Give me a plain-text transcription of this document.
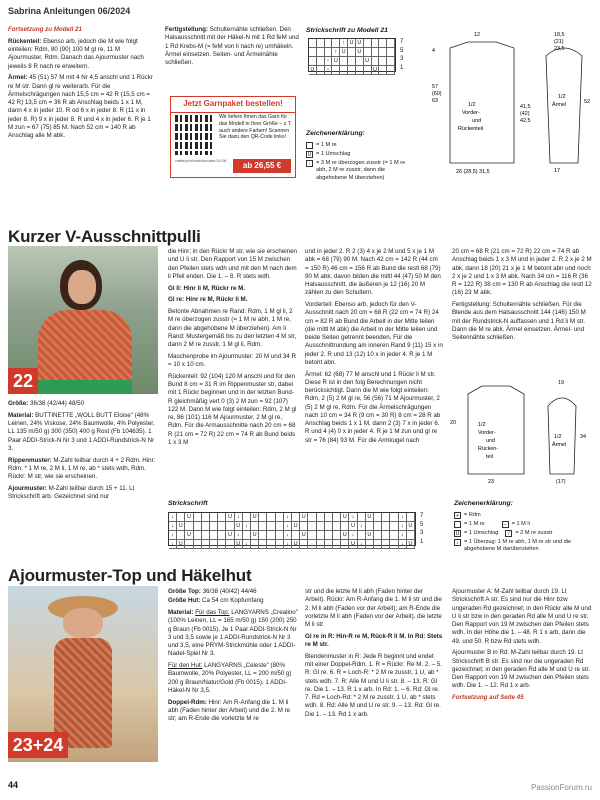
Sabrina Anleitungen 06/2024

Fortsetzung zu Modell 21

Rückenteil: Ebenso arb, jedoch die M wie folgt einteilen: Rdm, 80 (90) 100 M gl re, 11 M Ajourmuster, Rdm. Danach das Ajourmuster nach jeweils 8 R nach re erweitern.

Ärmel: 45 (51) 57 M mit 4 Nr 4,5 anschl und 1 Rückr re M str. Dann gl re weiterarb. Für die Ärmelschrägungen nach 15,5 cm = 42 R (15,5 cm = 42 R) 13,5 cm = 36 R ab Anschlag beids 1 x 1 M, dann 4 x in jeder 10. R od 6 x in jeder 8. R (11 x in jeder 8. R) 9 x in jeder 8. R und 4 x in jeder 6. R je 1 M zun = 67 (75) 85 M. Nach 52 cm = 140 R ab Anschlag alle M abk.

Fertigstellung: Schulternähte schließen. Den Halsausschnitt mit der Häkel-N mit 1 Rd feM und 1 Rd Krebs-M (= feM von li nach re) umhäkeln. Ärmel einsetzen. Seiten- und Ärmelnähte schließen.

Jetzt Garnpaket bestellen!
Wir liefern Ihnen das Garn für das Modell in Ihrer Größe – z.T. auch andere Farben! Scannen Sie dazu den QR-Code links!
craftery.link/strickmuster/24-06	ab 26,55 €
Strickschrift zu Modell 21
↑ U U
↑ U	U
↑ U	U
U	↑	U
7
5
3
1
Zeichenerklärung:
= 1 M re
U = 1 Umschlag
↑ = 3 M re überzogen zusstr (= 1 M re abh, 2 M re zusstr, dann die abgehobene M überziehen)
12
4
1/2
Vorder-
und
Rückenteil
57
(60)
63
41,5
(42)
42,5
26 (28,5) 31,5
1/2
Ärmel	52
18,5
(21)
23,5
17
Kurzer V-Ausschnittpulli
22

Größe: 36/38 (42/44) 48/50

Material: BUTTINETTE „WOLL BUTT Eloise" (48% Leinen, 24% Viskose, 24% Baumwolle, 4% Polyester, LL 135 m/50 g) 300 (350) 400 g Rost (Fb 104635). 1 Paar ADDI-Strick-N Nr 3 und 1 ADDI-Rundstrick-N Nr 3.

Rippenmuster: M-Zahl teilbar durch 4 + 2 Rdm. Hinr: Rdm, * 1 M re, 2 M li, 1 M re, ab * stets wdh, Rdm. Rückr: M str, wie sie erscheinen.

Ajourmuster: M-Zahl teilbar durch 15 + 11. Lt Strickschrift arb. Gezeichnet sind nur

die Hinr; in den Rückr M str, wie sie erscheinen und U li str. Den Rapport von 15 M zwischen den Pfeilen stets wdh und mit den M nach dem li Pfeil enden. Die 1. – 8. R stets wdh.

Gl li: Hinr li M, Rückr re M.

Gl re: Hinr re M, Rückr li M.

Betonte Abnahmen re Rand: Rdm, 1 M gl li, 2 M re überzogen zusstr (= 1 M re abh, 1 M re, dann die abgehobene M überziehen). Am li Rand: Mustergemäß bis zu den letzten 4 M str, dann 2 M re zusstr, 1 M gl li, Rdm.

Maschenprobe im Ajourmuster: 20 M und 34 R = 10 x 10 cm.

Rückenteil: 92 (104) 120 M anschl und für den Bund 8 cm = 31 R im Rippenmuster str, dabei mit 1 Rückr beginnen und in der letzten Bund-R gleichmäßig vert 0 (3) 2 M zun = 92 (107) 122 M. Dann M wie folgt einteilen: Rdm, 2 M gl re, 86 (101) 116 M Ajourmuster, 2 M gl re, Rdm. Für die Armausschnitte nach 20 cm = 68 R (21 cm = 72 R) 22 cm = 74 R ab Bund beids 1 x 3 M

und in jeder 2. R 2 (3) 4 x je 2 M und 5 x je 1 M abk = 68 (79) 90 M. Nach 42 cm = 142 R (44 cm = 150 R) 46 cm = 156 R ab Bund die restl 68 (79) 90 M abk, davon bilden die mittl 44 (47) 50 M den Halsausschnitt, die äußeren je 12 (16) 20 M zählen zu den Schultern.

Vorderteil: Ebenso arb, jedoch für den V-Ausschnitt nach 20 cm = 68 R (22 cm = 74 R) 24 cm = 82 R ab Bund die Arbeit in der Mitte teilen (die mittl M abk) die Arbeit in der Mitte teilen und beide Seiten getrennt beenden. Für die Ausschnittrundung am inneren Rand 9 (11) 15 x in jeder 2. R und 13 (12) 10 x in jeder 4. R je 1 M betont abn.

Ärmel: 62 (68) 77 M anschl und 1 Rückr li M str. Diese R ist in den folg Berechnungen nicht berücksichtigt. Dann die M wie folgt einteilen: Rdm, 2 (5) 2 M gl re, 56 (56) 71 M Ajourmuster, 2 (5) 2 M gl re, Rdm. Für die Ärmelschrägungen nach 10 cm = 34 R (9 cm = 30 R) 8 cm = 28 R ab Anschlag beids 1 x 1 M, dann 2 (3) 7 x in jeder 6. R und 4 (4) 0 x in jeder 4. R je 1 M zun und gl re str = 76 (84) 93 M. Für die Armkugel nach

20 cm = 68 R (21 cm = 72 R) 22 cm = 74 R ab Anschlag beids 1 x 3 M und in jeder 2. R 2 x je 2 M abk, dann 18 (20) 21 x je 1 M betont abn und noch 2 x je 2 und 1 x 3 M abk. Nach 34 cm = 116 R (36 R = 122 R) 38 cm = 130 R ab Anschlag die restl 12 (16) 23 M abk.

Fertigstellung: Schulternähte schließen. Für die Blende aus dem Halsausschnitt 144 (146) 150 M mit der Rundstrick-N auffassen und 1 Rd li M str. Dann die M re abk. Ärmel einsetzen. Ärmel- und Seitennähte schließen.

Strickschrift
↓	U	U ↓	U	↓	U	U ↓	U	↓
↓ U	U ↓	↓ U	U ↓	↓ U
↓	U	U ↓	U	↓	U	U ↓	U	↓
↓ U	U ↓	↓ U	U ↓	↓ U
7
5
3
1
1/2
Vorder-
und
Rücken-
teil
23
1/2
Ärmel
34
19
20
(17)
Zeichenerklärung:
+ = Rdm
= 1 M re	– = 1 M li
U = 1 Umschlag	/	= 2 M re zusstr
↓ = 1 Überzug: 1 M re abh, 1 M re str und die abgehobene M darüberziehen
Ajourmuster-Top und Häkelhut
23+24

Größe Top: 36/38 (40/42) 44/46

Größe Hut: Ca 54 cm Kopfumfang

Material: Für das Top: LANGYARNS „Crealino" (100% Leinen, LL = 165 m/50 g) 150 (200) 250 g Braun (Fb 0015). Je 1 Paar ADDI-Strick-N Nr 3 und 3,5 sowie je 1 ADDI-Rundstrick-N Nr 3 und 3,5, eine PRYM-Strickmühle oder 1 ADDI-Nadel-Spiel Nr 3.

Für den Hut: LANGYARNS „Celeste" (80% Baumwolle, 20% Polyester, LL = 200 m/50 g) 200 g Braun/Natur/Gold (Fb 0015). 1 ADDI-Häkel-N Nr 3,5.

Doppel-Rdm: Hinr: Am R-Anfang die 1. M li abh (Faden hinter der Arbeit) und die 2. M re str; am R-Ende die vorletzte M re

str und die letzte M li abh (Faden hinter der Arbeit). Rückr: Am R-Anfang die 1. M li str und die 2. M li abh (Faden vor der Arbeit); am R-Ende die vorletzte M li abh (Faden vor der Arbeit), die letzte M li str.

Gl re in R: Hin-R re M, Rück-R li M. In Rd: Stets re M str.

Blendenmuster in R: Jede R beginnt und endet mit einer Doppel-Rdm. 1. R = Rückr: Re M. 2. – 5. R: Gl re. 6. R = Loch-R: * 2 M re zusstr, 1 U, ab * stets wdh. 7. R: Alle M und U li str. 8. – 13. R: Gl re. Die 1. – 13. R 1 x arb. In Rd: 1. – 6. Rd: Gl re. 7. Rd = Loch-Rd: * 2 M re zusstr, 1 U, ab * stets wdh. 8. Rd: Alle M und U re str. 9. – 13. Rd: Gl re. Die 1. – 13. Rd 1 x arb.

Ajourmuster A: M-Zahl teilbar durch 19. Lt Strickschrift A str. Es sind nur die Hinr bzw ungeraden Rd gezeichnet; in den Rückr alle M und U li str bzw in den geraden Rd alle M und U re str. Den Rapport von 19 M zwischen den Pfeilen stets wdh. In der Höhe die 1. – 48. R 1 x arb, dann die 49. und 50. R bzw Rd stets wdh.

Ajourmuster B in Rd: M-Zahl teilbar durch 19. Lt Strickschrift B str. Es sind nur die ungeraden Rd gezeichnet; in den geraden Rd alle M und U re str. Den Rapport von 19 M zwischen den Pfeilen stets wdh. Die 1. – 12. Rd 1 x arb.

Fortsetzung auf Seite 45

44	PassionForum.ru
